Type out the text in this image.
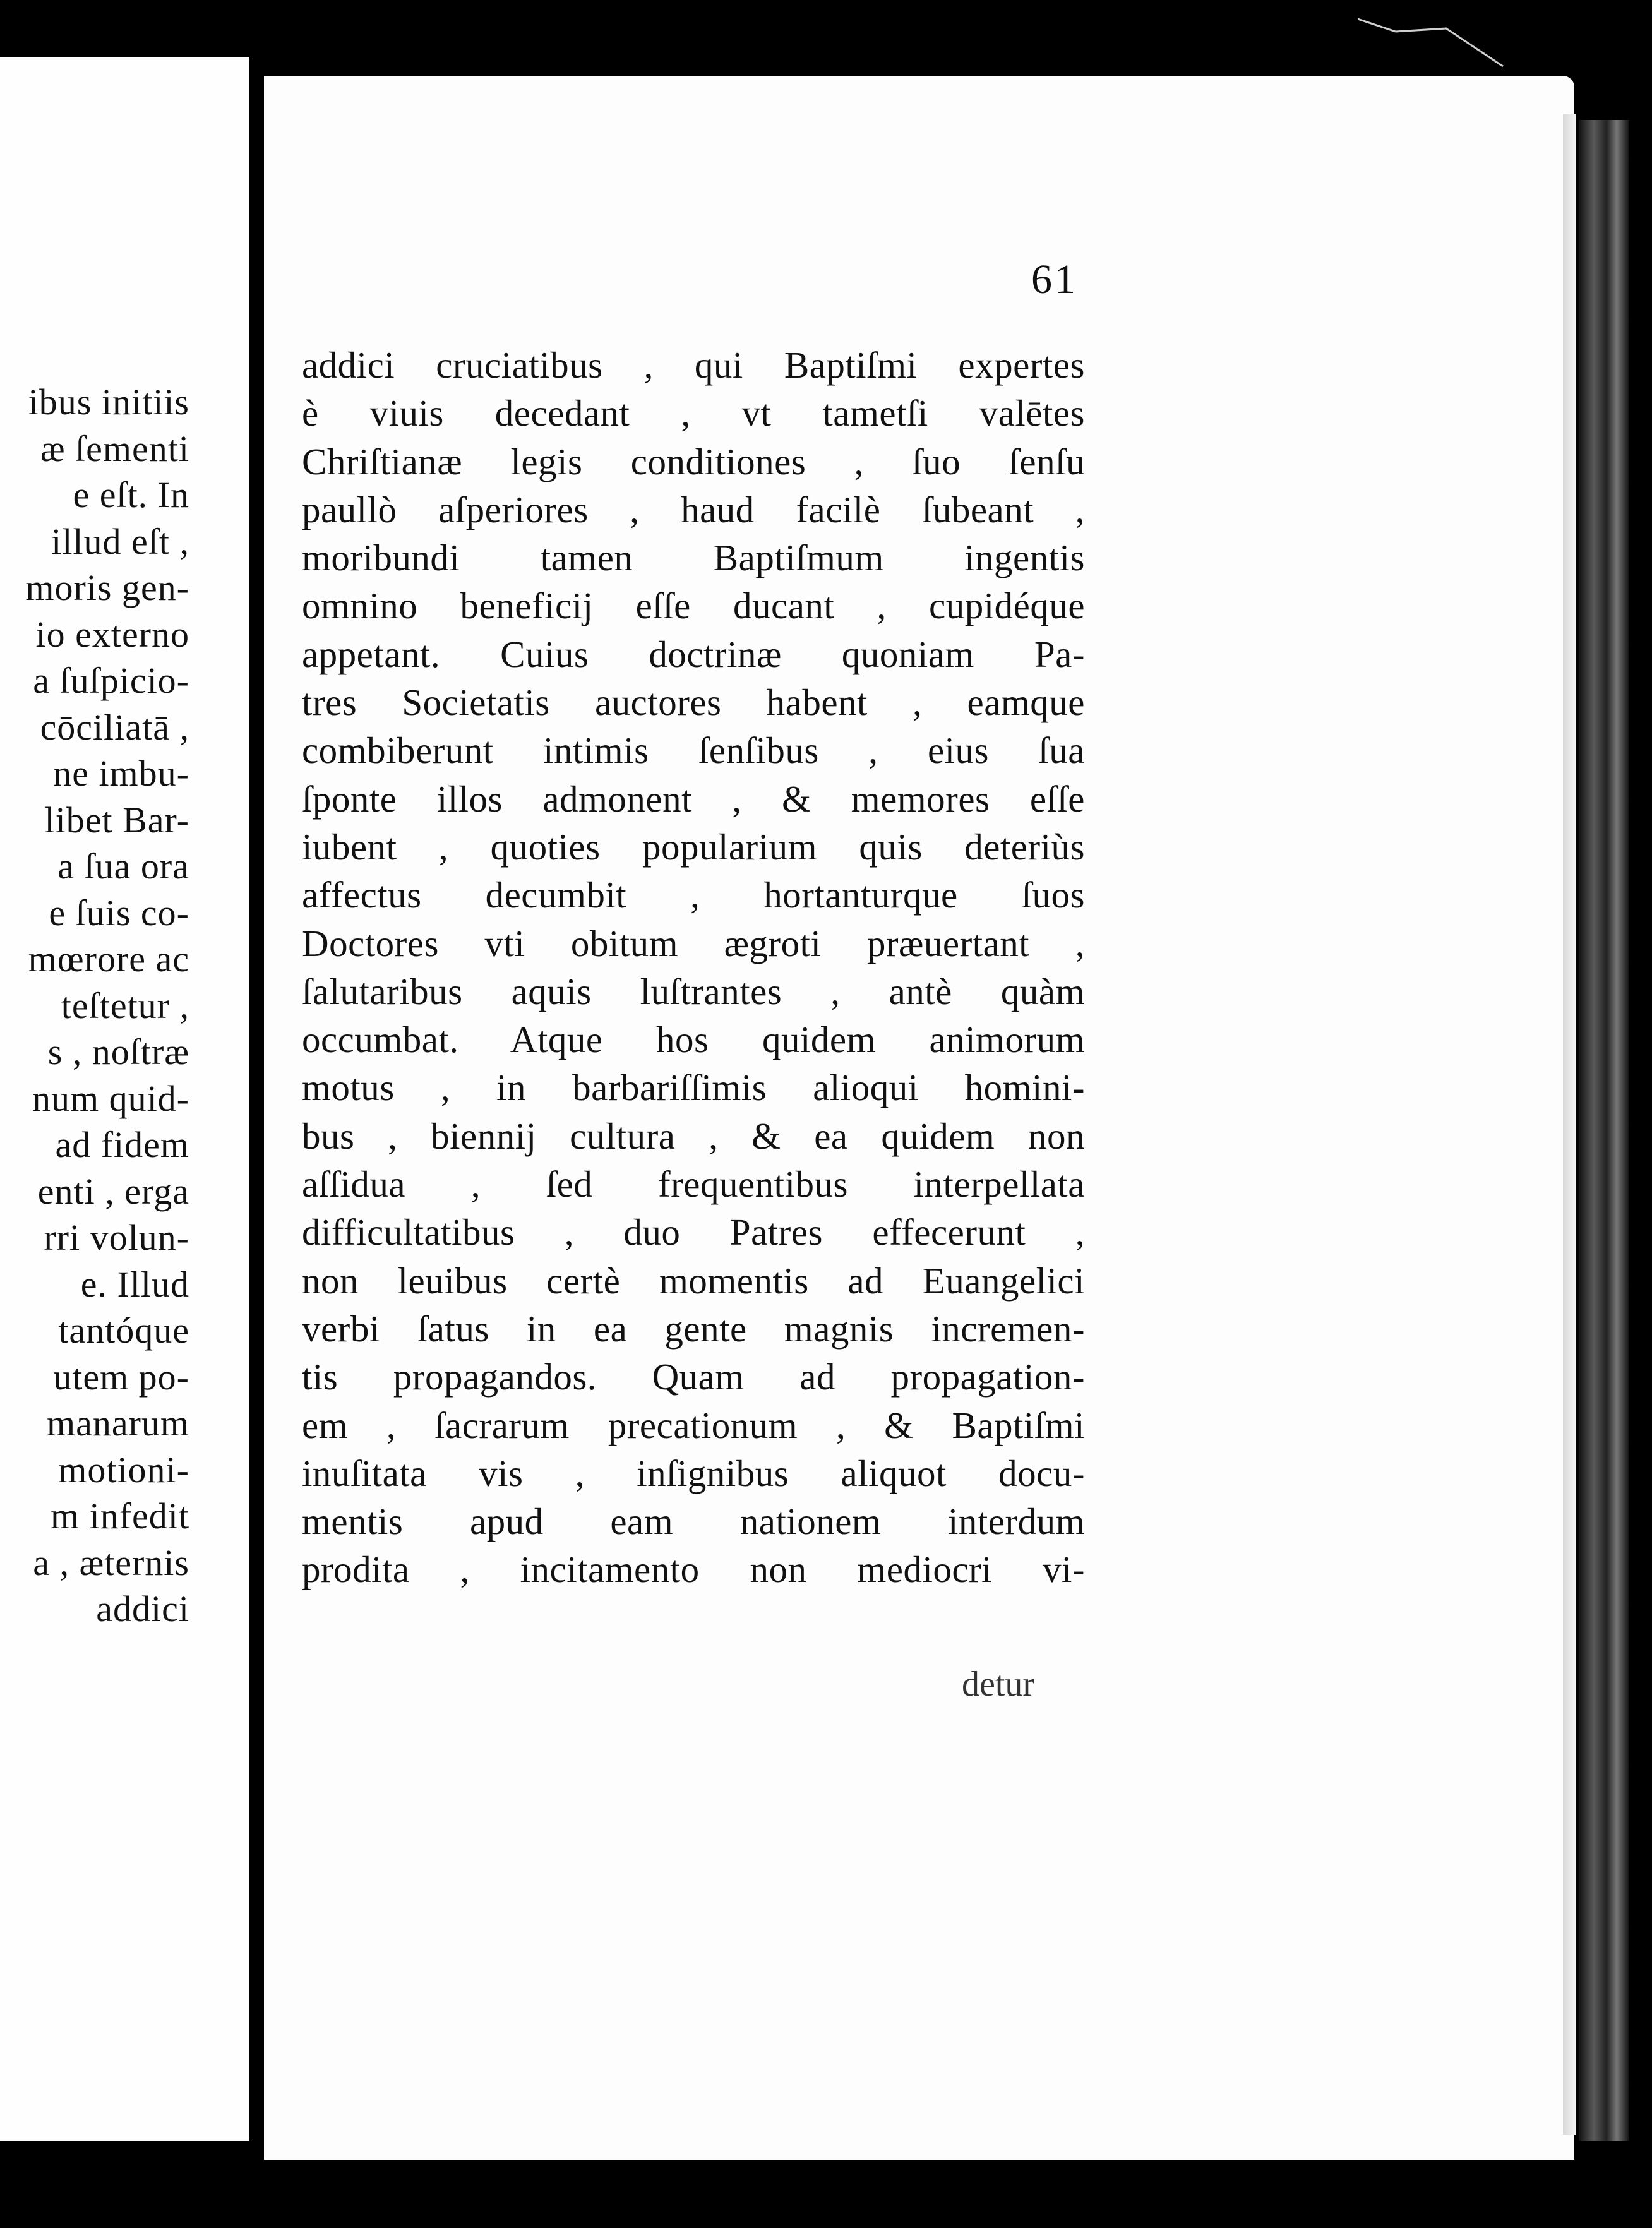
ibus initiis
æ ſementi
e eſt. In
illud eſt ,
moris gen-
io externo
a ſuſpicio-
cōciliatā ,
ne imbu-
libet Bar-
a ſua ora
e ſuis co-
mœrore ac
teſtetur ,
s , noſtræ
num quid-
ad fidem
enti , erga
rri volun-
e. Illud
tantóque
utem po-
manarum
motioni-
m infedit
a , æternis
addici
61
addici cruciatibus , qui Baptiſmi expertes
è viuis decedant , vt tametſi valētes
Chriſtianæ legis conditiones , ſuo ſenſu
paullò aſperiores , haud facilè ſubeant ,
moribundi tamen Baptiſmum ingentis
omnino beneficij eſſe ducant , cupidéque
appetant. Cuius doctrinæ quoniam Pa-
tres Societatis auctores habent , eamque
combiberunt intimis ſenſibus , eius ſua
ſponte illos admonent , & memores eſſe
iubent , quoties popularium quis deteriùs
affectus decumbit , hortanturque ſuos
Doctores vti obitum ægroti præuertant ,
ſalutaribus aquis luſtrantes , antè quàm
occumbat. Atque hos quidem animorum
motus , in barbariſſimis alioqui homini-
bus , biennij cultura , & ea quidem non
aſſidua , ſed frequentibus interpellata
difficultatibus , duo Patres effecerunt ,
non leuibus certè momentis ad Euangelici
verbi ſatus in ea gente magnis incremen-
tis propagandos. Quam ad propagation-
em , ſacrarum precationum , & Baptiſmi
inuſitata vis , inſignibus aliquot docu-
mentis apud eam nationem interdum
prodita , incitamento non mediocri vi-
detur
